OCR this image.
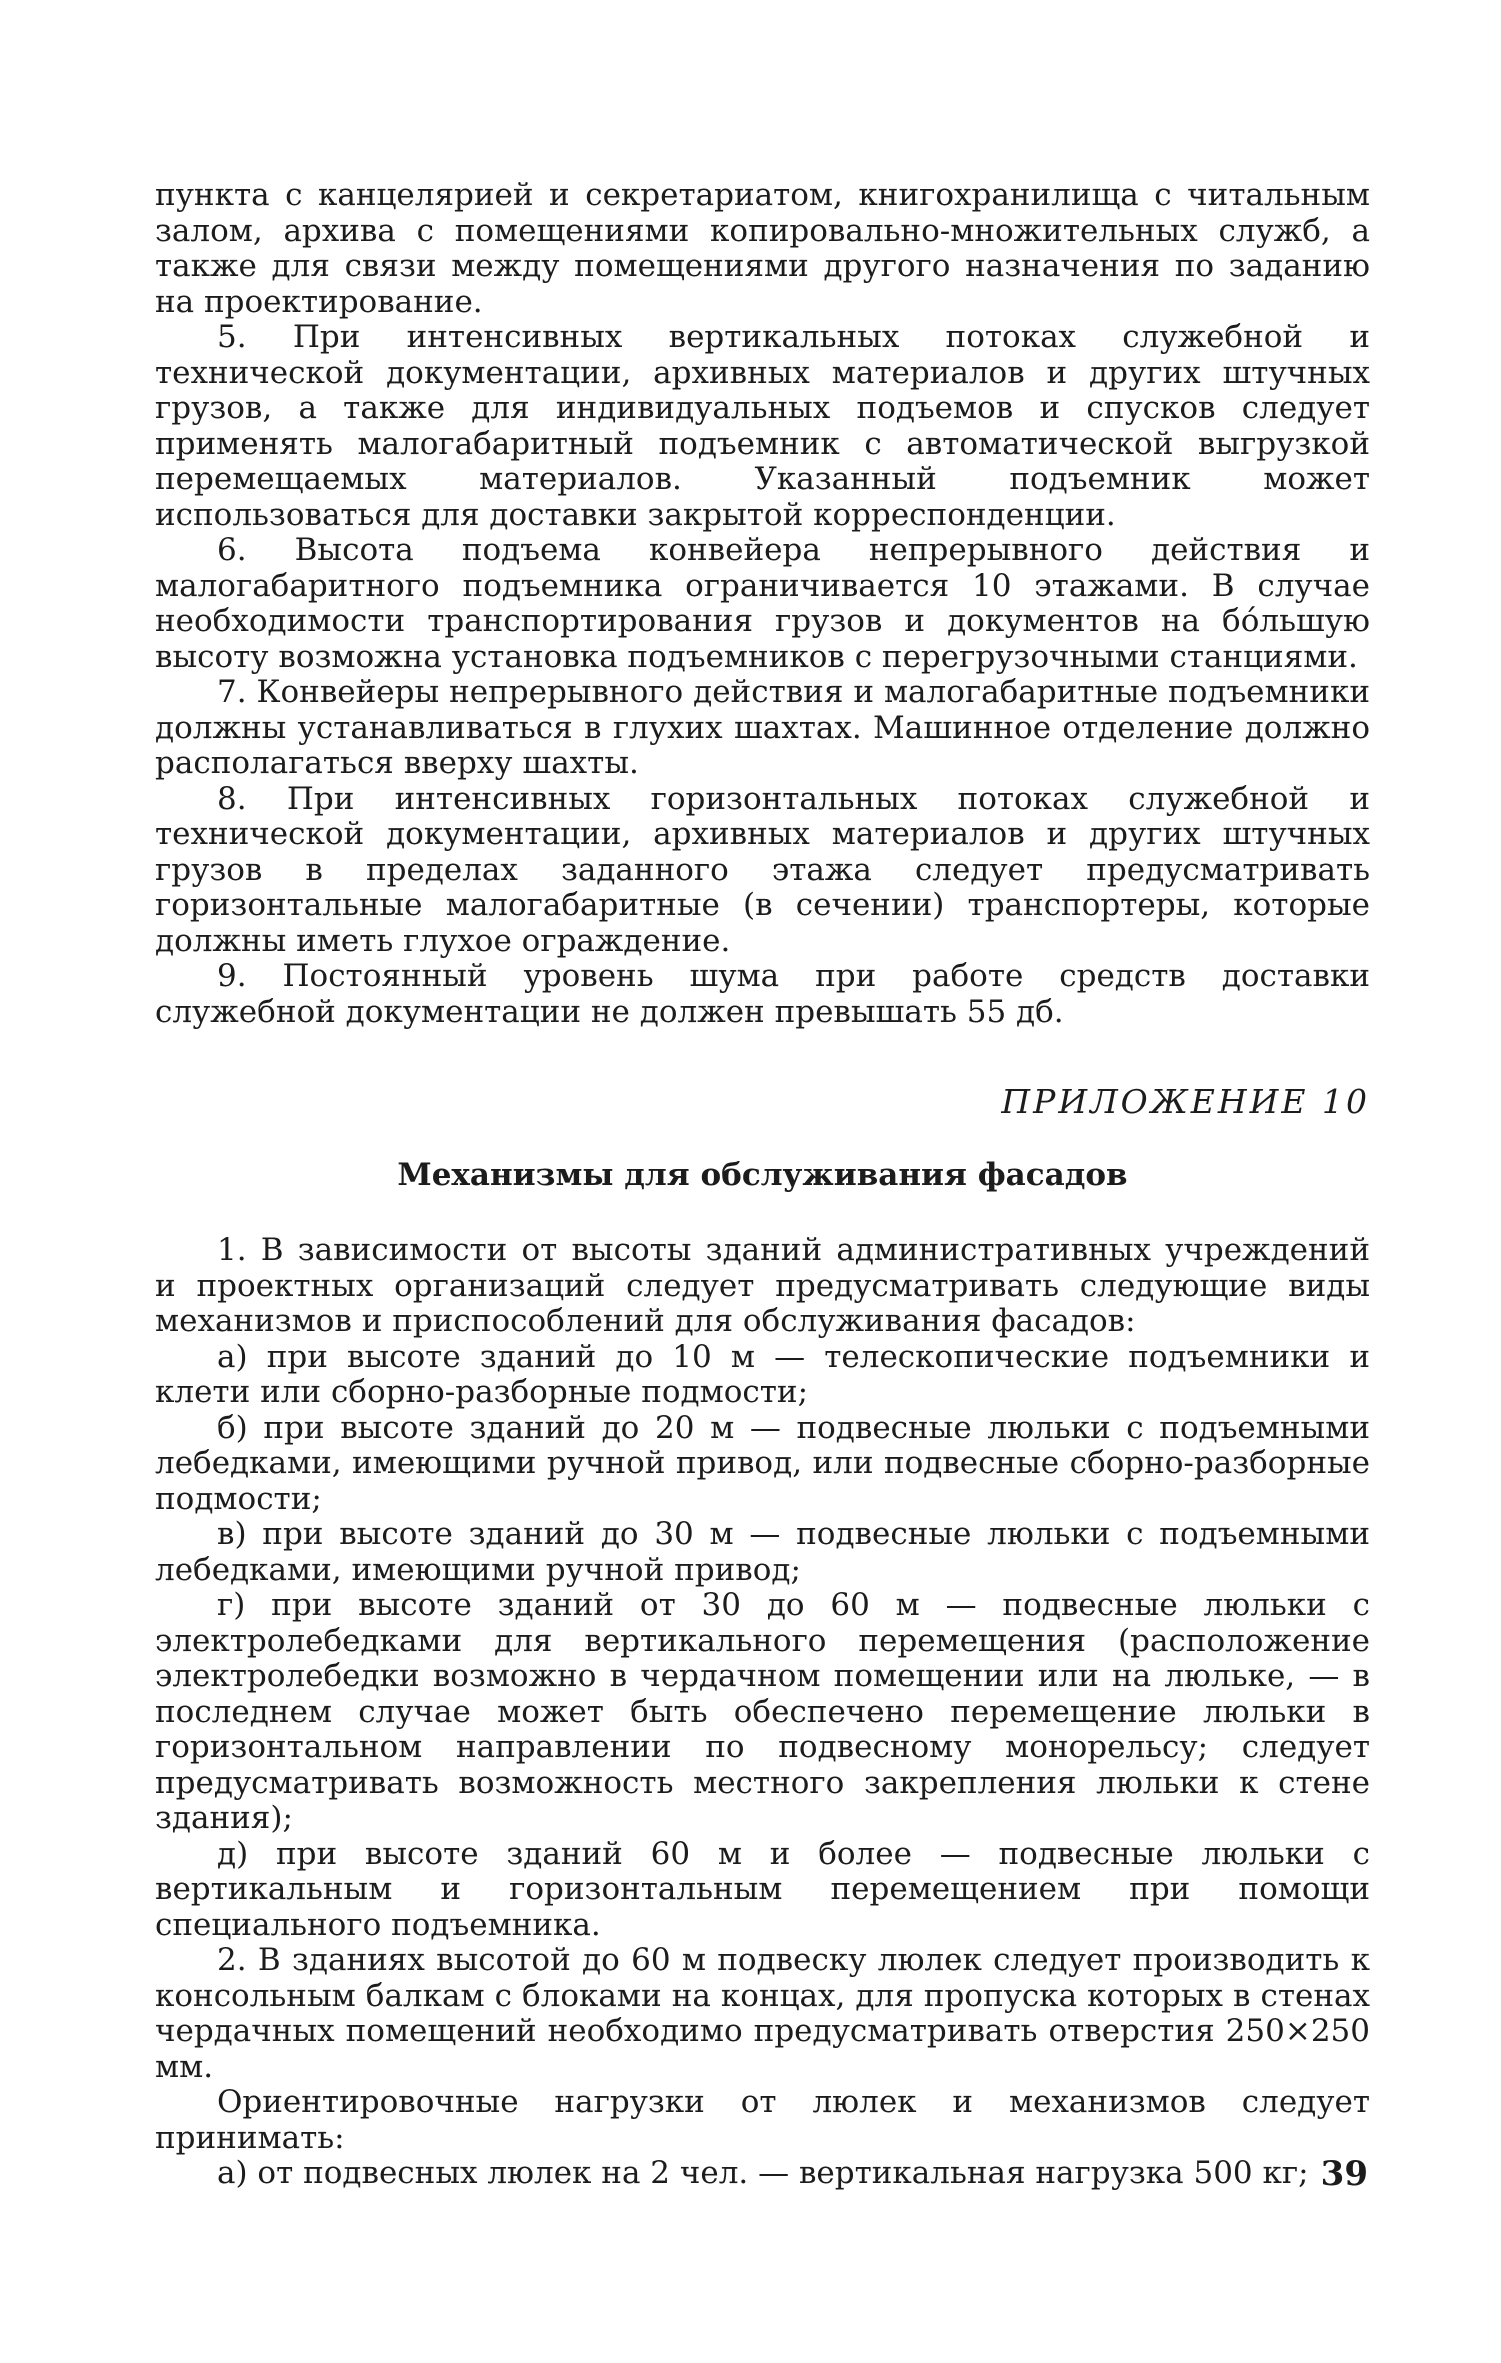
пункта с канцелярией и секретариатом, книгохранилища с читальным залом, архива с помещениями копировально-множительных служб, а также для связи между помещениями другого назначения по заданию на проектирование.

5. При интенсивных вертикальных потоках служебной и технической документации, архивных материалов и других штучных грузов, а также для индивидуальных подъемов и спусков следует применять малогабаритный подъемник с автоматической выгрузкой перемещаемых материалов. Указанный подъемник может использоваться для доставки закрытой корреспонденции.

6. Высота подъема конвейера непрерывного действия и малогабаритного подъемника ограничивается 10 этажами. В случае необходимости транспортирования грузов и документов на бо́льшую высоту возможна установка подъемников с перегрузочными станциями.

7. Конвейеры непрерывного действия и малогабаритные подъемники должны устанавливаться в глухих шахтах. Машинное отделение должно располагаться вверху шахты.

8. При интенсивных горизонтальных потоках служебной и технической документации, архивных материалов и других штучных грузов в пределах заданного этажа следует предусматривать горизонтальные малогабаритные (в сечении) транспортеры, которые должны иметь глухое ограждение.

9. Постоянный уровень шума при работе средств доставки служебной документации не должен превышать 55 дб.

ПРИЛОЖЕНИЕ 10
Механизмы для обслуживания фасадов

1. В зависимости от высоты зданий административных учреждений и проектных организаций следует предусматривать следующие виды механизмов и приспособлений для обслуживания фасадов:

а) при высоте зданий до 10 м — телескопические подъемники и клети или сборно-разборные подмости;

б) при высоте зданий до 20 м — подвесные люльки с подъемными лебедками, имеющими ручной привод, или подвесные сборно-разборные подмости;

в) при высоте зданий до 30 м — подвесные люльки с подъемными лебедками, имеющими ручной привод;

г) при высоте зданий от 30 до 60 м — подвесные люльки с электролебедками для вертикального перемещения (расположение электролебедки возможно в чердачном помещении или на люльке, — в последнем случае может быть обеспечено перемещение люльки в горизонтальном направлении по подвесному монорельсу; следует предусматривать возможность местного закрепления люльки к стене здания);

д) при высоте зданий 60 м и более — подвесные люльки с вертикальным и горизонтальным перемещением при помощи специального подъемника.

2. В зданиях высотой до 60 м подвеску люлек следует производить к консольным балкам с блоками на концах, для пропуска которых в стенах чердачных помещений необходимо предусматривать отверстия 250×250 мм.

Ориентировочные нагрузки от люлек и механизмов следует принимать:

а) от подвесных люлек на 2 чел. — вертикальная нагрузка 500 кг; 39
